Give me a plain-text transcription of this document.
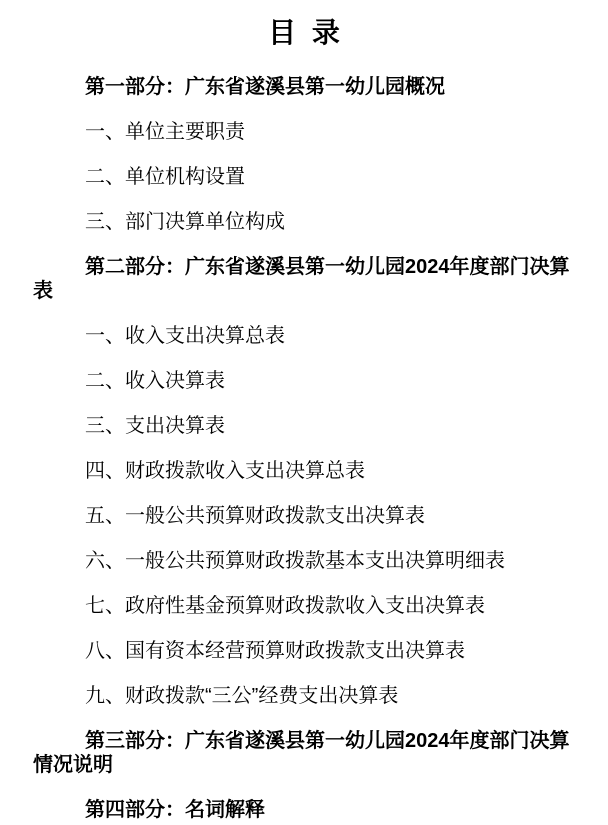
目 录

第一部分：广东省遂溪县第一幼儿园概况

一、单位主要职责

二、单位机构设置

三、部门决算单位构成

第二部分：广东省遂溪县第一幼儿园2024年度部门决算表

一、收入支出决算总表

二、收入决算表

三、支出决算表

四、财政拨款收入支出决算总表

五、一般公共预算财政拨款支出决算表

六、一般公共预算财政拨款基本支出决算明细表

七、政府性基金预算财政拨款收入支出决算表

八、国有资本经营预算财政拨款支出决算表

九、财政拨款“三公”经费支出决算表

第三部分：广东省遂溪县第一幼儿园2024年度部门决算情况说明

第四部分：名词解释
